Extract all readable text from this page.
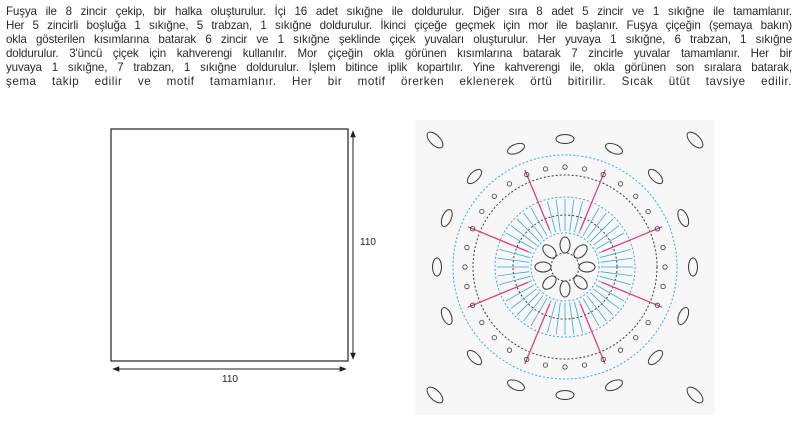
Fuşya ile 8 zincir çekip, bir halka oluşturulur. İçi 16 adet sıkığne ile doldurulur. Diğer sıra 8 adet 5 zincir ve 1 sıkığne ile tamamlanır.
Her 5 zincirli boşluğa 1 sıkığne, 5 trabzan, 1 sıkığne doldurulur. İkinci çiçeğe geçmek için mor ile başlanır. Fuşya çiçeğin (şemaya bakın)
okla gösterilen kısımlarına batarak 6 zincir ve 1 sıkığne şeklinde çiçek yuvaları oluşturulur. Her yuvaya 1 sıkığne, 6 trabzan, 1 sıkığne
doldurulur. 3'üncü çiçek için kahverengi kullanılır. Mor çiçeğin okla görünen kısımlarına batarak 7 zincirle yuvalar tamamlanır. Her bir
yuvaya 1 sıkığne, 7 trabzan, 1 sıkığne doldurulur. İşlem bitince iplik kopartılır. Yine kahverengi ile, okla görünen son sıralara batarak,
şema takip edilir ve motif tamamlanır. Her bir motif örerken eklenerek örtü bitirilir. Sıcak ütüt tavsiye edilir.
110
110
